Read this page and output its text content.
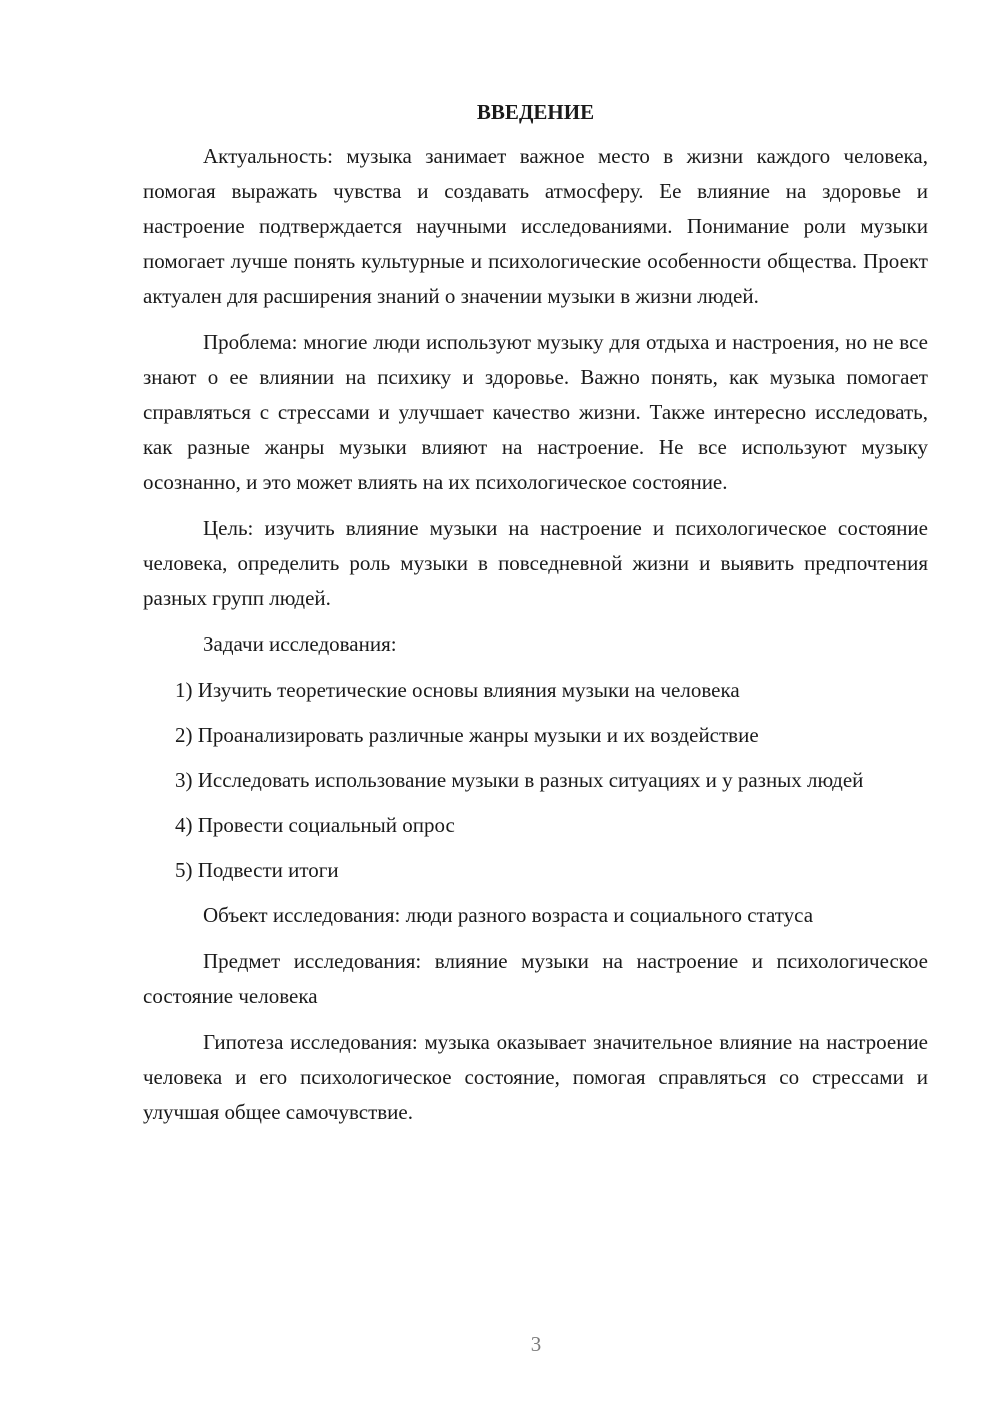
ВВЕДЕНИЕ

Актуальность: музыка занимает важное место в жизни каждого человека, помогая выражать чувства и создавать атмосферу. Ее влияние на здоровье и настроение подтверждается научными исследованиями. Понимание роли музыки помогает лучше понять культурные и психологические особенности общества. Проект актуален для расширения знаний о значении музыки в жизни людей.

Проблема: многие люди используют музыку для отдыха и настроения, но не все знают о ее влиянии на психику и здоровье. Важно понять, как музыка помогает справляться с стрессами и улучшает качество жизни. Также интересно исследовать, как разные жанры музыки влияют на настроение. Не все используют музыку осознанно, и это может влиять на их психологическое состояние.

Цель: изучить влияние музыки на настроение и психологическое состояние человека, определить роль музыки в повседневной жизни и выявить предпочтения разных групп людей.

Задачи исследования:

1) Изучить теоретические основы влияния музыки на человека

2) Проанализировать различные жанры музыки и их воздействие

3) Исследовать использование музыки в разных ситуациях и у разных людей

4) Провести социальный опрос

5) Подвести итоги

Объект исследования: люди разного возраста и социального статуса

Предмет исследования: влияние музыки на настроение и психологическое состояние человека

Гипотеза исследования: музыка оказывает значительное влияние на настроение человека и его психологическое состояние, помогая справляться со стрессами и улучшая общее самочувствие.

3
